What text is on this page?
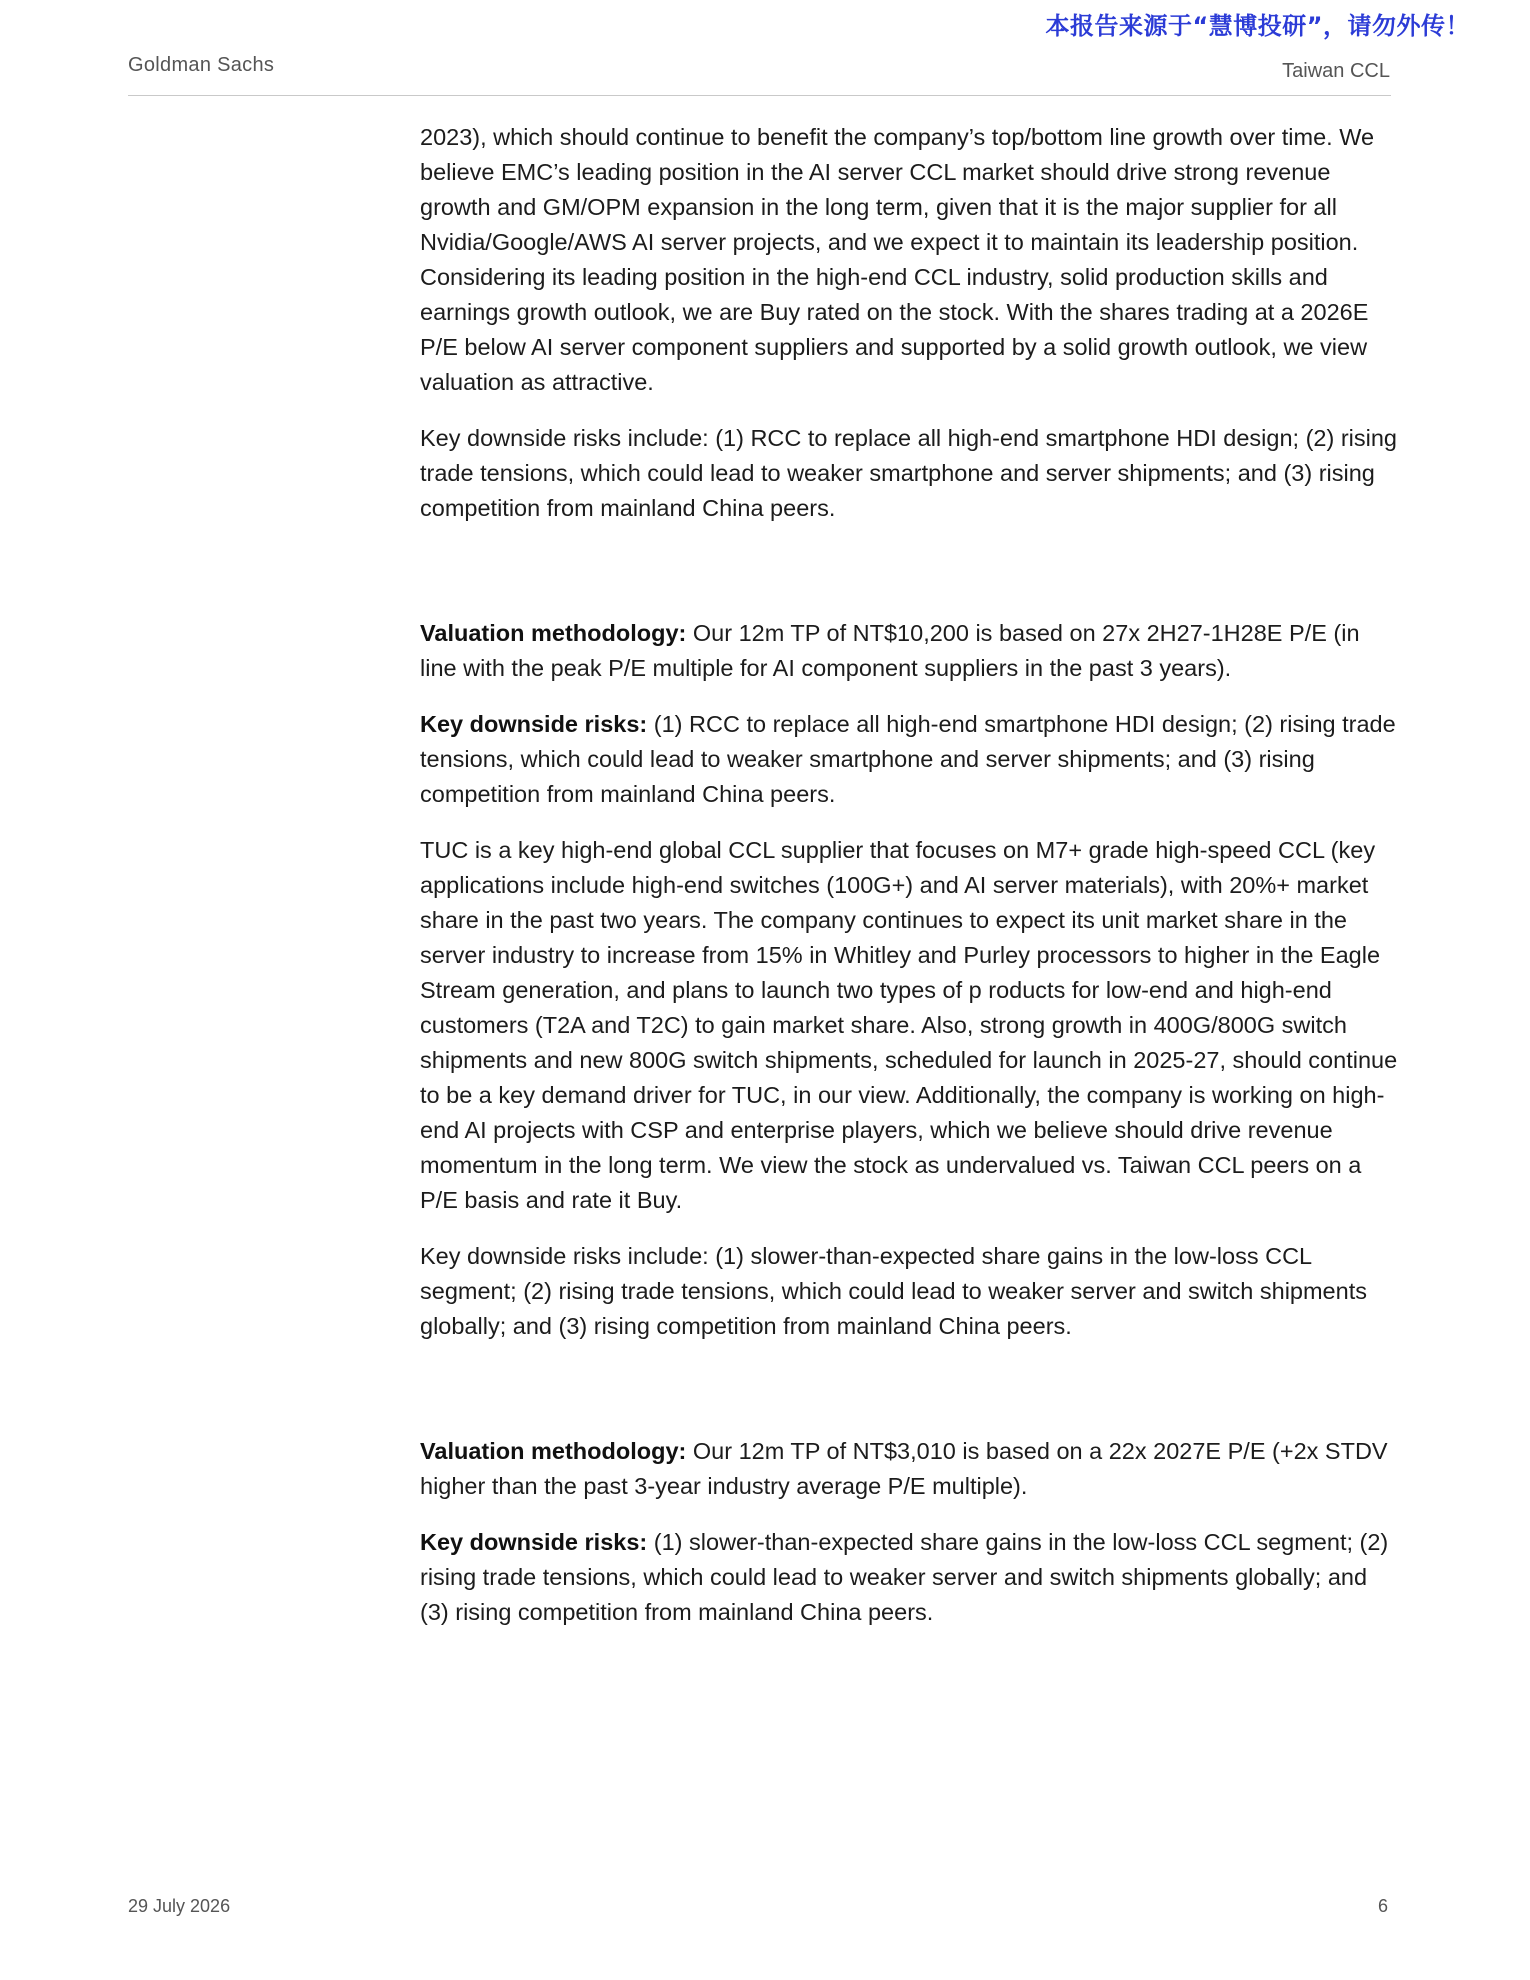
本报告来源于“慧博投研”，请勿外传！
Goldman Sachs	Taiwan CCL

2023), which should continue to benefit the company’s top/bottom line growth over time. We believe EMC’s leading position in the AI server CCL market should drive strong revenue growth and GM/OPM expansion in the long term, given that it is the major supplier for all Nvidia/Google/AWS AI server projects, and we expect it to maintain its leadership position. Considering its leading position in the high-end CCL industry, solid production skills and earnings growth outlook, we are Buy rated on the stock. With the shares trading at a 2026E P/E below AI server component suppliers and supported by a solid growth outlook, we view valuation as attractive.

Key downside risks include: (1) RCC to replace all high-end smartphone HDI design; (2) rising trade tensions, which could lead to weaker smartphone and server shipments; and (3) rising competition from mainland China peers.

Valuation methodology: Our 12m TP of NT$10,200 is based on 27x 2H27-1H28E P/E (in line with the peak P/E multiple for AI component suppliers in the past 3 years).

Key downside risks: (1) RCC to replace all high-end smartphone HDI design; (2) rising trade tensions, which could lead to weaker smartphone and server shipments; and (3) rising competition from mainland China peers.

TUC is a key high-end global CCL supplier that focuses on M7+ grade high-speed CCL (key applications include high-end switches (100G+) and AI server materials), with 20%+ market share in the past two years. The company continues to expect its unit market share in the server industry to increase from 15% in Whitley and Purley processors to higher in the Eagle Stream generation, and plans to launch two types of p roducts for low-end and high-end customers (T2A and T2C) to gain market share. Also, strong growth in 400G/800G switch shipments and new 800G switch shipments, scheduled for launch in 2025-27, should continue to be a key demand driver for TUC, in our view. Additionally, the company is working on high-end AI projects with CSP and enterprise players, which we believe should drive revenue momentum in the long term. We view the stock as undervalued vs. Taiwan CCL peers on a P/E basis and rate it Buy.

Key downside risks include: (1) slower-than-expected share gains in the low-loss CCL segment; (2) rising trade tensions, which could lead to weaker server and switch shipments globally; and (3) rising competition from mainland China peers.

Valuation methodology: Our 12m TP of NT$3,010 is based on a 22x 2027E P/E (+2x STDV higher than the past 3-year industry average P/E multiple).

Key downside risks: (1) slower-than-expected share gains in the low-loss CCL segment; (2) rising trade tensions, which could lead to weaker server and switch shipments globally; and (3) rising competition from mainland China peers.

29 July 2026	6
